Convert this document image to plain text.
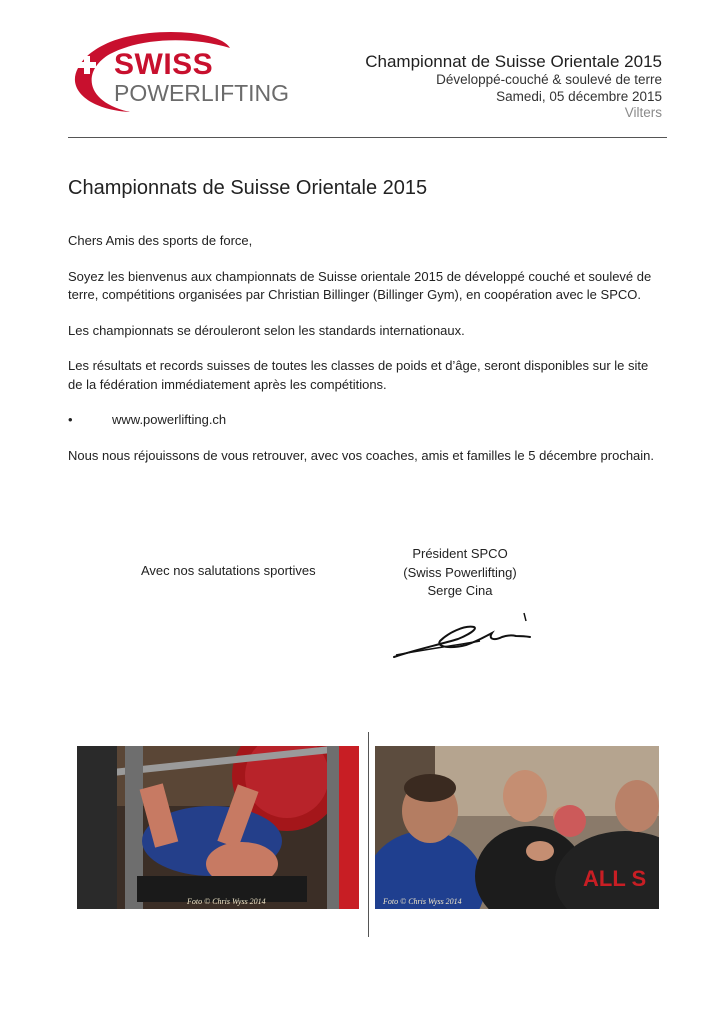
SWISS
POWERLIFTING
Championnat de Suisse Orientale 2015
Développé-couché & soulevé de terre
Samedi, 05 décembre 2015
Vilters
Championnats de Suisse Orientale 2015

Chers Amis des sports de force,

Soyez les bienvenus aux championnats de Suisse orientale 2015 de développé couché et soulevé de terre, compétitions organisées par Christian Billinger (Billinger Gym), en coopération avec le SPCO.

Les championnats se dérouleront selon les standards internationaux.

Les résultats et records suisses de toutes les classes de poids et d’âge, seront disponibles sur le site de la fédération immédiatement après les compétitions.

•	www.powerlifting.ch

Nous nous réjouissons de vous retrouver, avec vos coaches, amis et familles le 5 décembre prochain.

Avec nos salutations sportives
Président SPCO
(Swiss Powerlifting)
Serge Cina
Foto © Chris Wyss 2014
ALL S
Foto © Chris Wyss 2014
